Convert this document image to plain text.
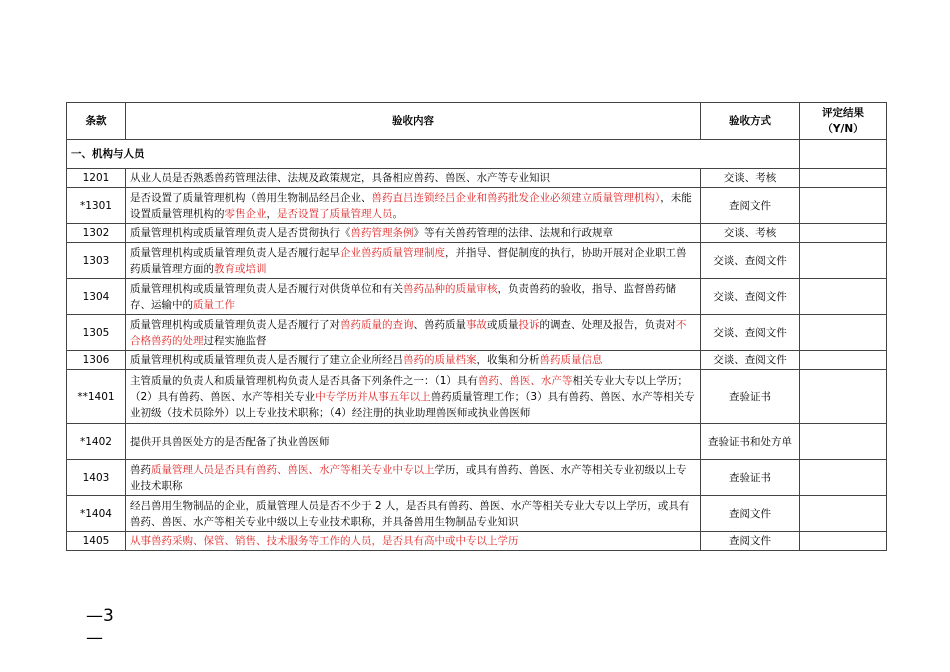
条款	验收内容	验收方式	评定结果
（Y/N）
一、机构与人员			
1201	从业人员是否熟悉兽药管理法律、法规及政策规定，具备相应兽药、兽医、水产等专业知识	交谈、考核	
*1301	是否设置了质量管理机构（兽用生物制品经吕企业、兽药直吕连锁经吕企业和兽药批发企业必须建立质量管理机构），未能设置质量管理机构的零售企业，是否设置了质量管理人员。	查阅文件	
1302	质量管理机构或质量管理负责人是否贯彻执行《兽药管理条例》等有关兽药管理的法律、法规和行政规章	交谈、考核	
1303	质量管理机构或质量管理负责人是否履行起早企业兽药质量管理制度，并指导、督促制度的执行，协助开展对企业职工兽药质量管理方面的教育或培训	交谈、查阅文件	
1304	质量管理机构或质量管理负责人是否履行对供货单位和有关兽药品种的质量审核，负责兽药的验收，指导、监督兽药储存、运输中的质量工作	交谈、查阅文件	
1305	质量管理机构或质量管理负责人是否履行了对兽药质量的查询、兽药质量事故或质量投诉的调查、处理及报告，负责对不合格兽药的处理过程实施监督	交谈、查阅文件	
1306	质量管理机构或质量管理负责人是否履行了建立企业所经吕兽药的质量档案，收集和分析兽药质量信息	交谈、查阅文件	
**1401	主管质量的负责人和质量管理机构负责人是否具备下列条件之一：（1）具有兽药、兽医、水产等相关专业大专以上学历；（2）具有兽药、兽医、水产等相关专业中专学历并从事五年以上兽药质量管理工作；（3）具有兽药、兽医、水产等相关专业初级（技术员除外）以上专业技术职称；（4）经注册的执业助理兽医师或执业兽医师	查验证书	
*1402	提供开具兽医处方的是否配备了执业兽医师	查验证书和处方单	
1403	兽药质量管理人员是否具有兽药、兽医、水产等相关专业中专以上学历，或具有兽药、兽医、水产等相关专业初级以上专业技术职称	查验证书	
*1404	经吕兽用生物制品的企业，质量管理人员是否不少于 2 人，是否具有兽药、兽医、水产等相关专业大专以上学历，或具有兽药、兽医、水产等相关专业中级以上专业技术职称，并具备兽用生物制品专业知识	查阅文件	
1405	从事兽药采购、保管、销售、技术服务等工作的人员，是否具有高中或中专以上学历	查阅文件	
—3
—
